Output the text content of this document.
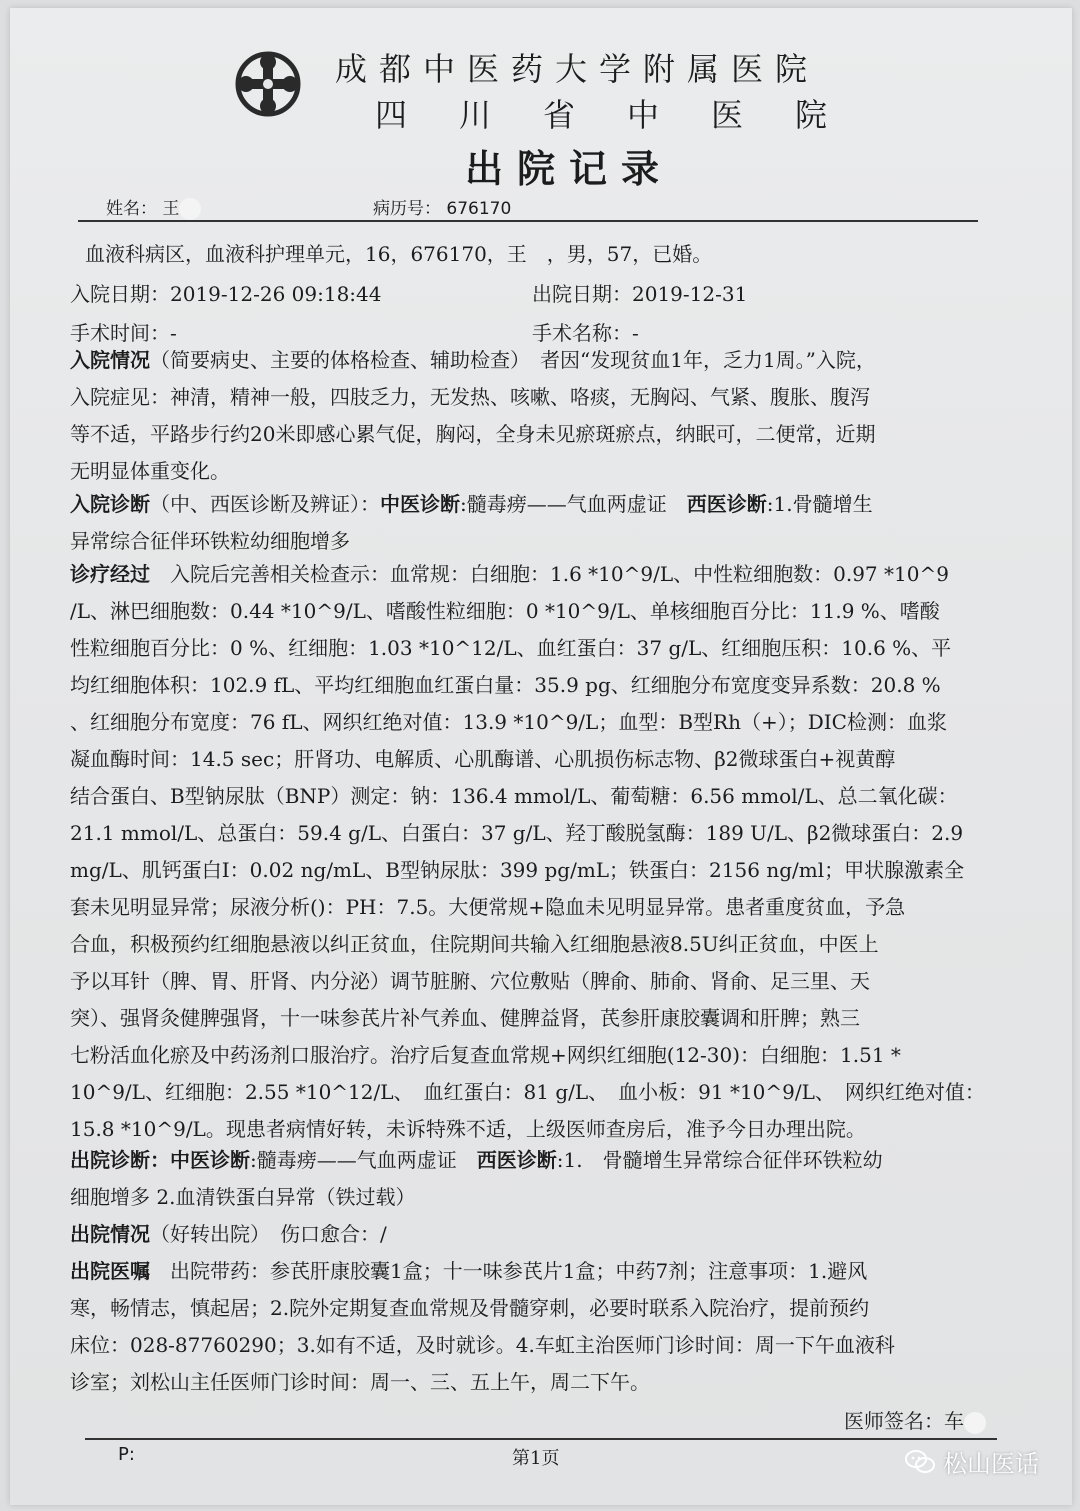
成都中医药大学附属医院
四川省中医院
出院记录
姓名： 王	病历号： 676170
血液科病区，血液科护理单元，16，676170，王　，男，57，已婚。
入院日期：2019-12-26 09:18:44	出院日期：2019-12-31
手术时间：-	手术名称：-
入院情况（简要病史、主要的体格检查、辅助检查）　者因“发现贫血1年，乏力1周。”入院，
入院症见：神清，精神一般，四肢乏力，无发热、咳嗽、咯痰，无胸闷、气紧、腹胀、腹泻
等不适，平路步行约20米即感心累气促，胸闷，全身未见瘀斑瘀点，纳眠可，二便常，近期
无明显体重变化。
入院诊断（中、西医诊断及辨证）：中医诊断:髓毒痨——气血两虚证　 西医诊断:1.骨髓增生
异常综合征伴环铁粒幼细胞增多
诊疗经过　入院后完善相关检查示：血常规：白细胞：1.6 *10^9/L、中性粒细胞数：0.97 *10^9
/L、淋巴细胞数：0.44 *10^9/L、嗜酸性粒细胞：0 *10^9/L、单核细胞百分比：11.9 %、嗜酸
性粒细胞百分比：0 %、红细胞：1.03 *10^12/L、血红蛋白：37 g/L、红细胞压积：10.6 %、平
均红细胞体积：102.9 fL、平均红细胞血红蛋白量：35.9 pg、红细胞分布宽度变异系数：20.8 %
、红细胞分布宽度：76 fL、网织红绝对值：13.9 *10^9/L；血型：B型Rh（+）；DIC检测：血浆
凝血酶时间：14.5 sec；肝肾功、电解质、心肌酶谱、心肌损伤标志物、β2微球蛋白+视黄醇
结合蛋白、B型钠尿肽（BNP）测定：钠：136.4 mmol/L、葡萄糖：6.56 mmol/L、总二氧化碳：
21.1 mmol/L、总蛋白：59.4 g/L、白蛋白：37 g/L、羟丁酸脱氢酶：189 U/L、β2微球蛋白：2.9
mg/L、肌钙蛋白I：0.02 ng/mL、B型钠尿肽：399 pg/mL；铁蛋白：2156 ng/ml；甲状腺激素全
套未见明显异常；尿液分析()：PH：7.5。大便常规+隐血未见明显异常。患者重度贫血，予急
合血，积极预约红细胞悬液以纠正贫血，住院期间共输入红细胞悬液8.5U纠正贫血，中医上
予以耳针（脾、胃、肝肾、内分泌）调节脏腑、穴位敷贴（脾俞、肺俞、肾俞、足三里、天
突）、强肾灸健脾强肾，十一味参芪片补气养血、健脾益肾，芪参肝康胶囊调和肝脾；熟三
七粉活血化瘀及中药汤剂口服治疗。治疗后复查血常规+网织红细胞(12-30)：白细胞：1.51 *
10^9/L、红细胞：2.55 *10^12/L、　血红蛋白：81 g/L、　血小板：91 *10^9/L、　网织红绝对值：
15.8 *10^9/L。现患者病情好转，未诉特殊不适，上级医师查房后，准予今日办理出院。
出院诊断：中医诊断:髓毒痨——气血两虚证　 西医诊断:1.　骨髓增生异常综合征伴环铁粒幼
细胞增多 2.血清铁蛋白异常（铁过载）
出院情况（好转出院）　伤口愈合：/
出院医嘱　出院带药：参芪肝康胶囊1盒；十一味参芪片1盒；中药7剂；注意事项：1.避风
寒，畅情志，慎起居；2.院外定期复查血常规及骨髓穿刺，必要时联系入院治疗，提前预约
床位：028-87760290；3.如有不适，及时就诊。4.车虹主治医师门诊时间：周一下午血液科
诊室；刘松山主任医师门诊时间：周一、三、五上午，周二下午。
医师签名：车
P:	第1页	松山医话
